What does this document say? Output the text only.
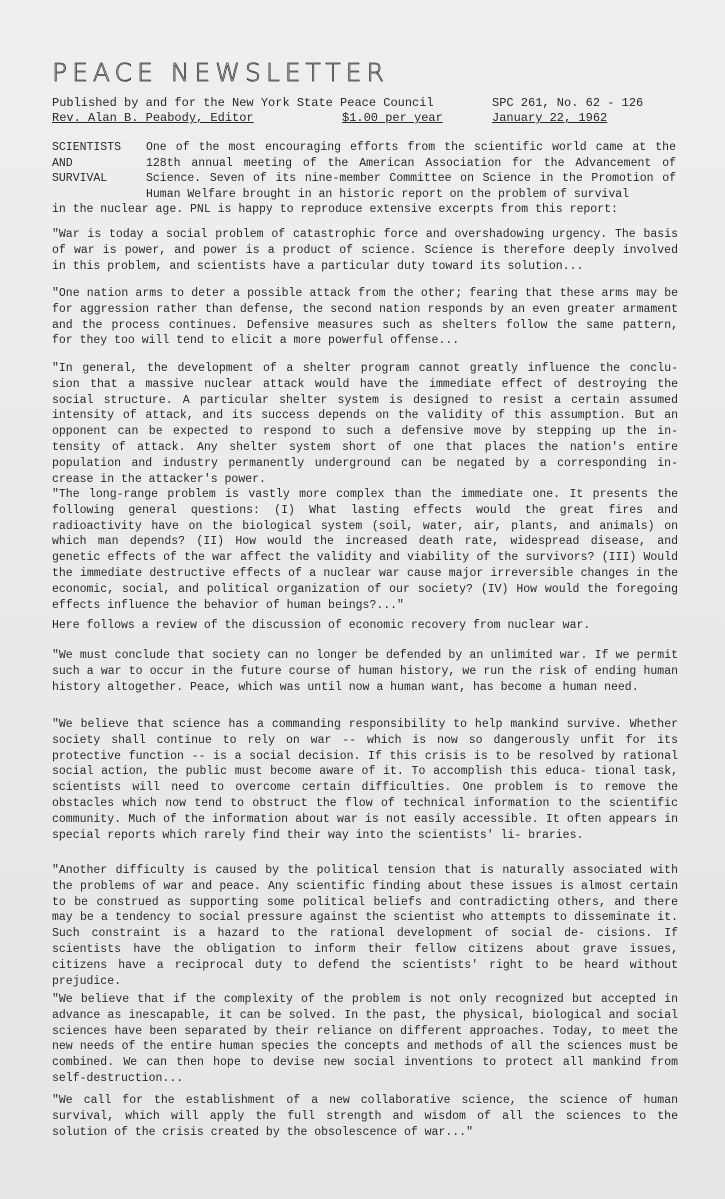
PEACE NEWSLETTER
Published by and for the New York State Peace Council	SPC 261, No. 62 - 126
Rev. Alan B. Peabody, Editor	$1.00 per year	January 22, 1962
SCIENTISTS
AND
SURVIVAL
One of the most encouraging efforts from the scientific world came at the 128th annual meeting of the American Association for the Advancement of Science. Seven of its nine-member Committee on Science in the Promotion of Human Welfare brought in an historic report on the problem of survival
in the nuclear age. PNL is happy to reproduce extensive excerpts from this report:
"War is today a social problem of catastrophic force and overshadowing urgency. The basis of war is power, and power is a product of science. Science is therefore deeply involved in this problem, and scientists have a particular duty toward its solution...
"One nation arms to deter a possible attack from the other; fearing that these arms may be for aggression rather than defense, the second nation responds by an even greater armament and the process continues. Defensive measures such as shelters follow the same pattern, for they too will tend to elicit a more powerful offense...
"In general, the development of a shelter program cannot greatly influence the conclu- sion that a massive nuclear attack would have the immediate effect of destroying the social structure. A particular shelter system is designed to resist a certain assumed intensity of attack, and its success depends on the validity of this assumption. But an opponent can be expected to respond to such a defensive move by stepping up the in- tensity of attack. Any shelter system short of one that places the nation's entire population and industry permanently underground can be negated by a corresponding in- crease in the attacker's power.
"The long-range problem is vastly more complex than the immediate one. It presents the following general questions: (I) What lasting effects would the great fires and radioactivity have on the biological system (soil, water, air, plants, and animals) on which man depends? (II) How would the increased death rate, widespread disease, and genetic effects of the war affect the validity and viability of the survivors? (III) Would the immediate destructive effects of a nuclear war cause major irreversible changes in the economic, social, and political organization of our society? (IV) How would the foregoing effects influence the behavior of human beings?..."
Here follows a review of the discussion of economic recovery from nuclear war.
"We must conclude that society can no longer be defended by an unlimited war. If we permit such a war to occur in the future course of human history, we run the risk of ending human history altogether. Peace, which was until now a human want, has become a human need.
"We believe that science has a commanding responsibility to help mankind survive. Whether society shall continue to rely on war -- which is now so dangerously unfit for its protective function -- is a social decision. If this crisis is to be resolved by rational social action, the public must become aware of it. To accomplish this educa- tional task, scientists will need to overcome certain difficulties. One problem is to remove the obstacles which now tend to obstruct the flow of technical information to the scientific community. Much of the information about war is not easily accessible. It often appears in special reports which rarely find their way into the scientists' li- braries.
"Another difficulty is caused by the political tension that is naturally associated with the problems of war and peace. Any scientific finding about these issues is almost certain to be construed as supporting some political beliefs and contradicting others, and there may be a tendency to social pressure against the scientist who attempts to disseminate it. Such constraint is a hazard to the rational development of social de- cisions. If scientists have the obligation to inform their fellow citizens about grave issues, citizens have a reciprocal duty to defend the scientists' right to be heard without prejudice.
"We believe that if the complexity of the problem is not only recognized but accepted in advance as inescapable, it can be solved. In the past, the physical, biological and social sciences have been separated by their reliance on different approaches. Today, to meet the new needs of the entire human species the concepts and methods of all the sciences must be combined. We can then hope to devise new social inventions to protect all mankind from self-destruction...
"We call for the establishment of a new collaborative science, the science of human survival, which will apply the full strength and wisdom of all the sciences to the solution of the crisis created by the obsolescence of war..."
